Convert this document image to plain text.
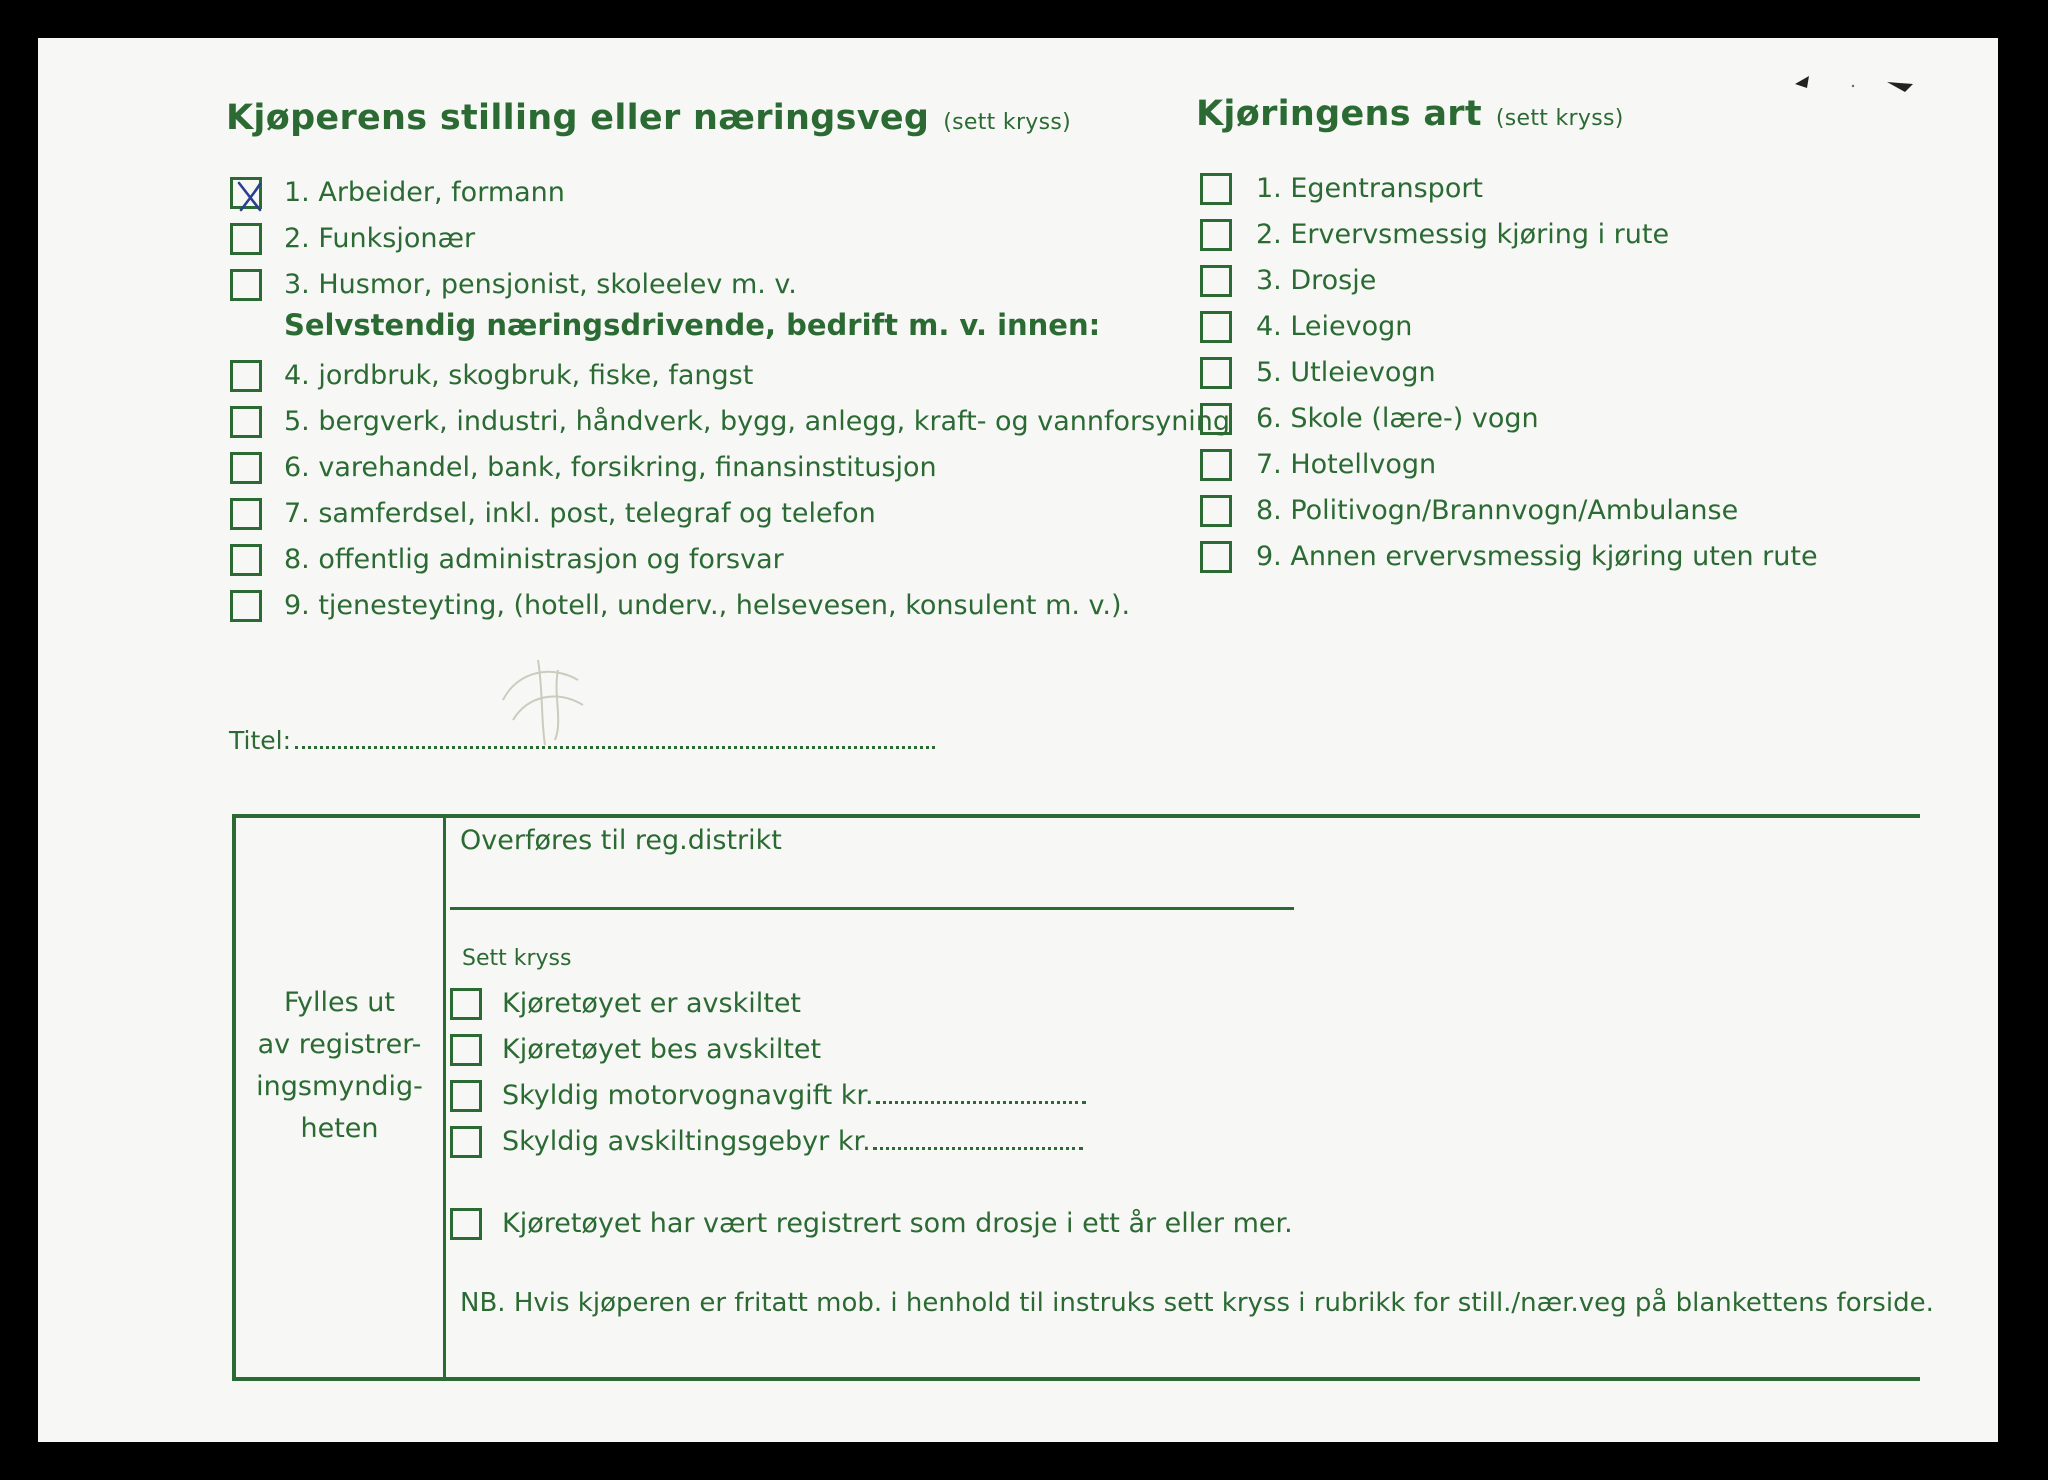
Kjøperens stilling eller næringsveg (sett kryss)
1. Arbeider, formann
2. Funksjonær
3. Husmor, pensjonist, skoleelev m. v.
Selvstendig næringsdrivende, bedrift m. v. innen:
4. jordbruk, skogbruk, fiske, fangst
5. bergverk, industri, håndverk, bygg, anlegg, kraft- og vannforsyning
6. varehandel, bank, forsikring, finansinstitusjon
7. samferdsel, inkl. post, telegraf og telefon
8. offentlig administrasjon og forsvar
9. tjenesteyting, (hotell, underv., helsevesen, konsulent m. v.).
Titel:
Kjøringens art (sett kryss)
1. Egentransport
2. Ervervsmessig kjøring i rute
3. Drosje
4. Leievogn
5. Utleievogn
6. Skole (lære-) vogn
7. Hotellvogn
8. Politivogn/Brannvogn/Ambulanse
9. Annen ervervsmessig kjøring uten rute
Fylles ut
av registrer-
ingsmyndig-
heten
Overføres til reg.distrikt
Sett kryss
Kjøretøyet er avskiltet
Kjøretøyet bes avskiltet
Skyldig motorvognavgift kr.
Skyldig avskiltingsgebyr kr.
Kjøretøyet har vært registrert som drosje i ett år eller mer.
NB. Hvis kjøperen er fritatt mob. i henhold til instruks sett kryss i rubrikk for still./nær.veg på blankettens forside.
